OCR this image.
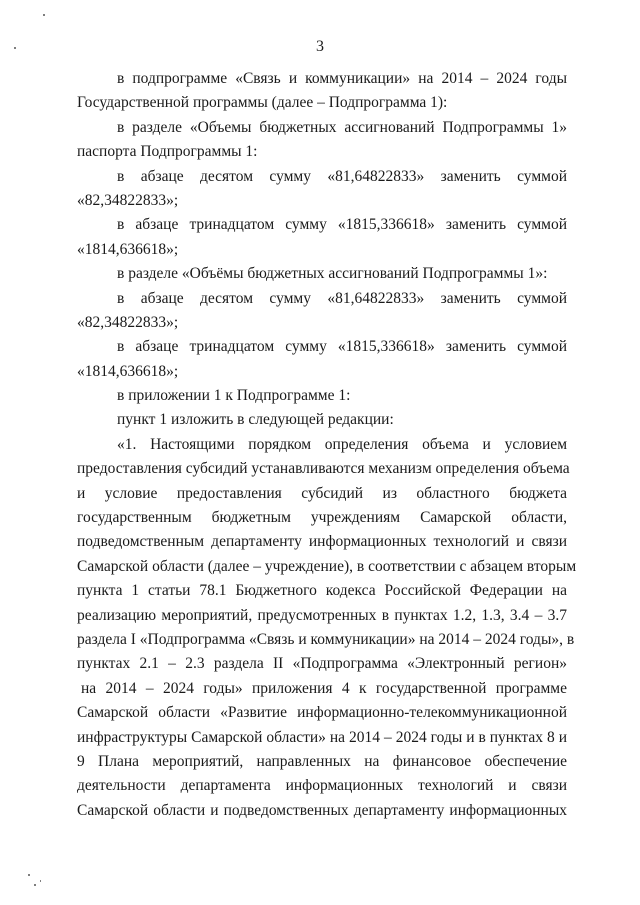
3
в подпрограмме «Связь и коммуникации» на 2014 – 2024 годы
Государственной программы (далее – Подпрограмма 1):
в разделе «Объемы бюджетных ассигнований Подпрограммы 1»
паспорта Подпрограммы 1:
в абзаце десятом сумму «81,64822833» заменить суммой
«82,34822833»;
в абзаце тринадцатом сумму «1815,336618» заменить суммой
«1814,636618»;
в разделе «Объёмы бюджетных ассигнований Подпрограммы 1»:
в абзаце десятом сумму «81,64822833» заменить суммой
«82,34822833»;
в абзаце тринадцатом сумму «1815,336618» заменить суммой
«1814,636618»;
в приложении 1 к Подпрограмме 1:
пункт 1 изложить в следующей редакции:
«1. Настоящими порядком определения объема и условием
предоставления субсидий устанавливаются механизм определения объема
и условие предоставления субсидий из областного бюджета
государственным бюджетным учреждениям Самарской области,
подведомственным департаменту информационных технологий и связи
Самарской области (далее – учреждение), в соответствии с абзацем вторым
пункта 1 статьи 78.1 Бюджетного кодекса Российской Федерации на
реализацию мероприятий, предусмотренных в пунктах 1.2, 1.3, 3.4 – 3.7
раздела I «Подпрограмма «Связь и коммуникации» на 2014 – 2024 годы», в
пунктах 2.1 – 2.3 раздела II «Подпрограмма «Электронный регион»
на 2014 – 2024 годы» приложения 4 к государственной программе
Самарской области «Развитие информационно-телекоммуникационной
инфраструктуры Самарской области» на 2014 – 2024 годы и в пунктах 8 и
9 Плана мероприятий, направленных на финансовое обеспечение
деятельности департамента информационных технологий и связи
Самарской области и подведомственных департаменту информационных
